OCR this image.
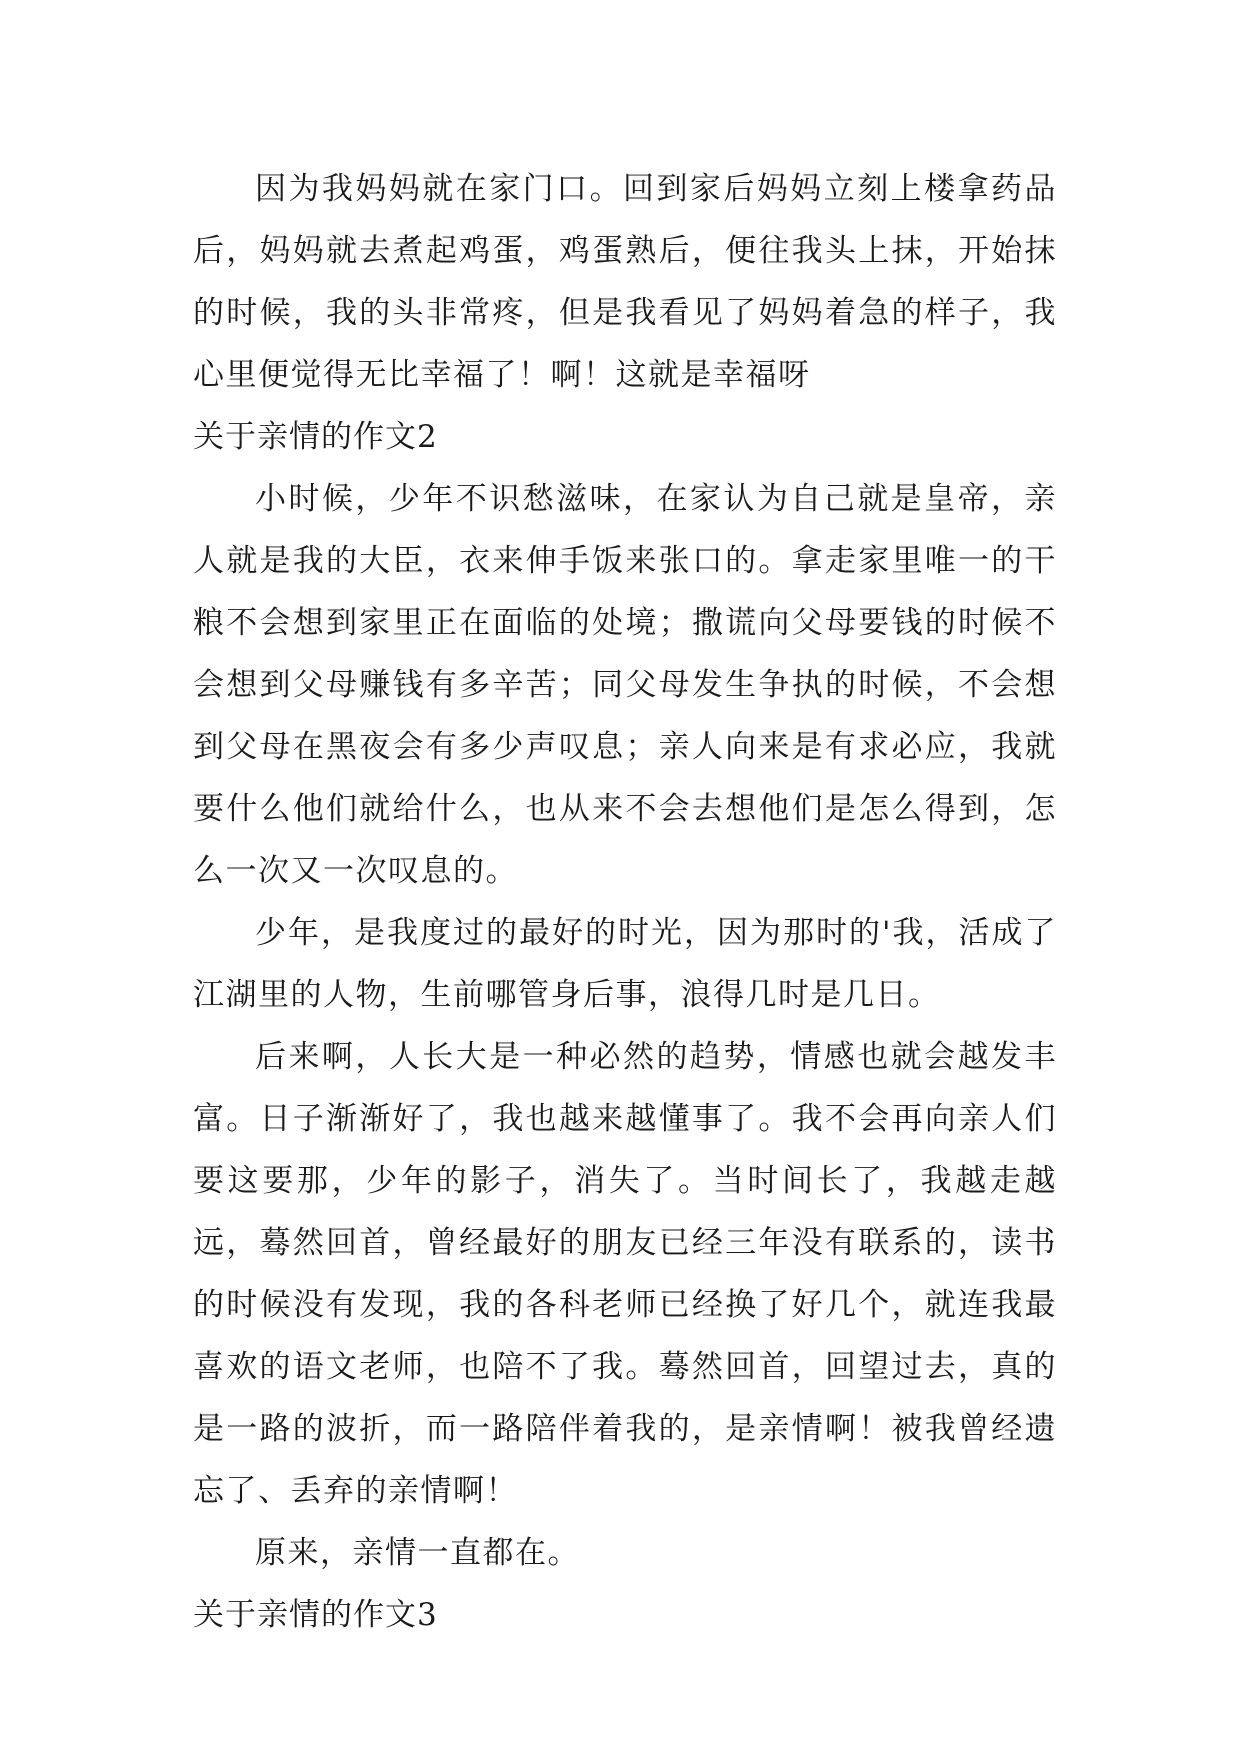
因为我妈妈就在家门口。回到家后妈妈立刻上楼拿药品后，妈妈就去煮起鸡蛋，鸡蛋熟后，便往我头上抹，开始抹的时候，我的头非常疼，但是我看见了妈妈着急的样子，我心里便觉得无比幸福了！啊！这就是幸福呀

关于亲情的作文2

小时候，少年不识愁滋味，在家认为自己就是皇帝，亲人就是我的大臣，衣来伸手饭来张口的。拿走家里唯一的干粮不会想到家里正在面临的处境；撒谎向父母要钱的时候不会想到父母赚钱有多辛苦；同父母发生争执的时候，不会想到父母在黑夜会有多少声叹息；亲人向来是有求必应，我就要什么他们就给什么，也从来不会去想他们是怎么得到，怎么一次又一次叹息的。

少年，是我度过的最好的时光，因为那时的'我，活成了江湖里的人物，生前哪管身后事，浪得几时是几日。

后来啊，人长大是一种必然的趋势，情感也就会越发丰富。日子渐渐好了，我也越来越懂事了。我不会再向亲人们要这要那，少年的影子，消失了。当时间长了，我越走越远，蓦然回首，曾经最好的朋友已经三年没有联系的，读书的时候没有发现，我的各科老师已经换了好几个，就连我最喜欢的语文老师，也陪不了我。蓦然回首，回望过去，真的是一路的波折，而一路陪伴着我的，是亲情啊！被我曾经遗忘了、丢弃的亲情啊！

原来，亲情一直都在。

关于亲情的作文3
